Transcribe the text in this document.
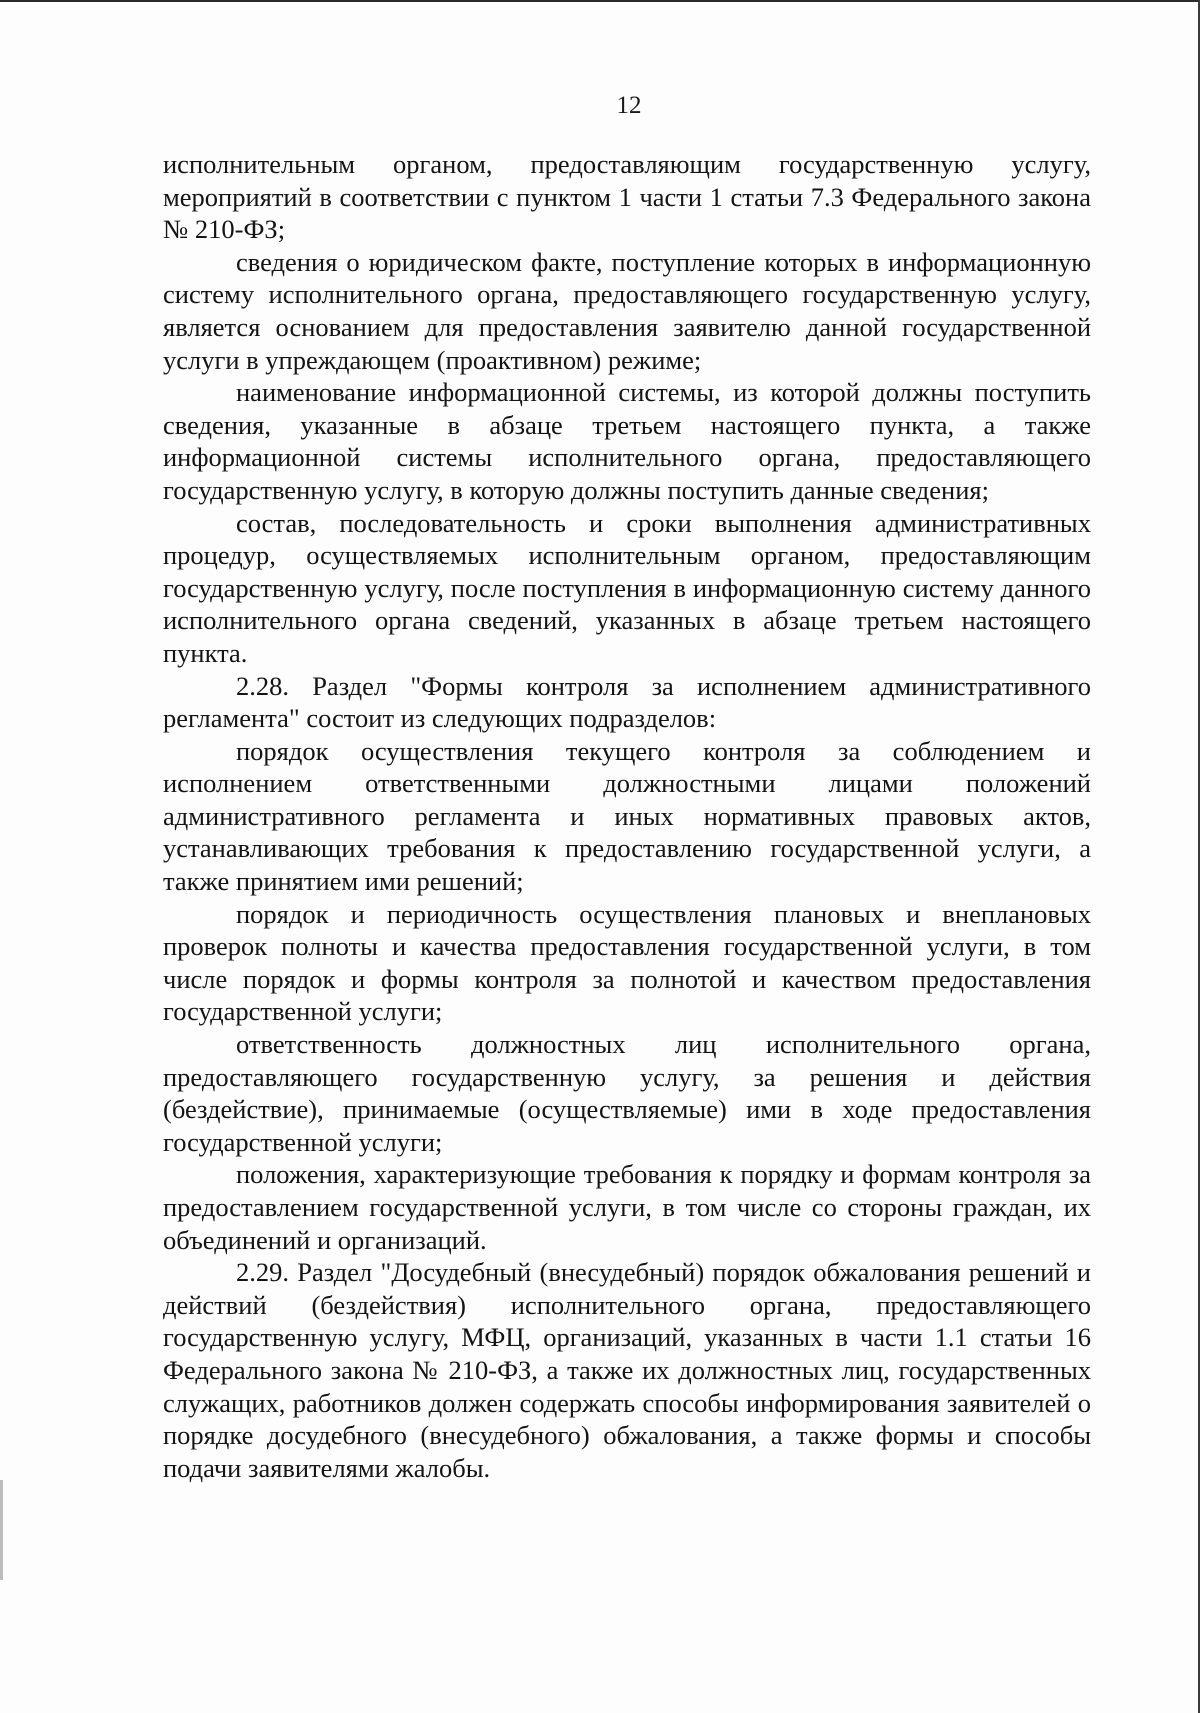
12

исполнительным органом, предоставляющим государственную услугу, мероприятий в соответствии с пунктом 1 части 1 статьи 7.3 Федерального закона № 210-ФЗ;

сведения о юридическом факте, поступление которых в информационную систему исполнительного органа, предоставляющего государственную услугу, является основанием для предоставления заявителю данной государственной услуги в упреждающем (проактивном) режиме;

наименование информационной системы, из которой должны поступить сведения, указанные в абзаце третьем настоящего пункта, а также информационной системы исполнительного органа, предоставляющего государственную услугу, в которую должны поступить данные сведения;

состав, последовательность и сроки выполнения административных процедур, осуществляемых исполнительным органом, предоставляющим государственную услугу, после поступления в информационную систему данного исполнительного органа сведений, указанных в абзаце третьем настоящего пункта.

2.28. Раздел "Формы контроля за исполнением административного регламента" состоит из следующих подразделов:

порядок осуществления текущего контроля за соблюдением и исполнением ответственными должностными лицами положений административного регламента и иных нормативных правовых актов, устанавливающих требования к предоставлению государственной услуги, а также принятием ими решений;

порядок и периодичность осуществления плановых и внеплановых проверок полноты и качества предоставления государственной услуги, в том числе порядок и формы контроля за полнотой и качеством предоставления государственной услуги;

ответственность должностных лиц исполнительного органа, предоставляющего государственную услугу, за решения и действия (бездействие), принимаемые (осуществляемые) ими в ходе предоставления государственной услуги;

положения, характеризующие требования к порядку и формам контроля за предоставлением государственной услуги, в том числе со стороны граждан, их объединений и организаций.

2.29. Раздел "Досудебный (внесудебный) порядок обжалования решений и действий (бездействия) исполнительного органа, предоставляющего государственную услугу, МФЦ, организаций, указанных в части 1.1 статьи 16 Федерального закона № 210-ФЗ, а также их должностных лиц, государственных служащих, работников должен содержать способы информирования заявителей о порядке досудебного (внесудебного) обжалования, а также формы и способы подачи заявителями жалобы.
